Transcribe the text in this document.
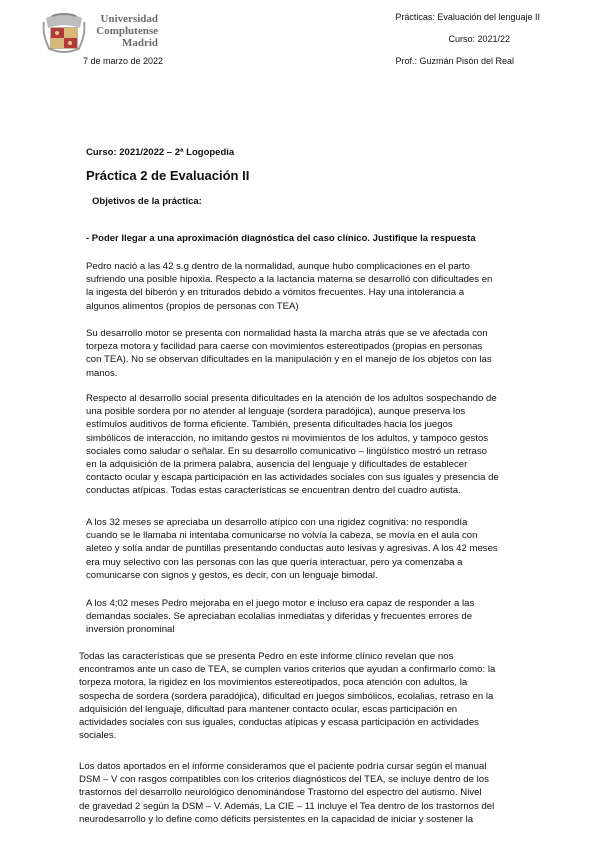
Universidad
Complutense
Madrid
7 de marzo de 2022
Prácticas: Evaluación del lenguaje II
Curso: 2021/22
Prof.: Guzmán Pisón del Real
Curso: 2021/2022 – 2ª Logopedia
Práctica 2 de Evaluación II
Objetivos de la práctica:
- Poder llegar a una aproximación diagnóstica del caso clínico. Justifique la respuesta

Pedro nació a las 42 s.g dentro de la normalidad, aunque hubo complicaciones en el parto
sufriendo una posible hipoxia. Respecto a la lactancia materna se desarrolló con dificultades en
la ingesta del biberón y en triturados debido a vómitos frecuentes. Hay una intolerancia a
algunos alimentos (propios de personas con TEA)

Su desarrollo motor se presenta con normalidad hasta la marcha atrás que se ve afectada con
torpeza motora y facilidad para caerse con movimientos estereotipados (propias en personas
con TEA). No se observan dificultades en la manipulación y en el manejo de los objetos con las
manos.

Respecto al desarrollo social presenta dificultades en la atención de los adultos sospechando de
una posible sordera por no atender al lenguaje (sordera paradójica), aunque preserva los
estímulos auditivos de forma eficiente. También, presenta dificultades hacia los juegos
simbólicos de interacción, no imitando gestos ni movimientos de los adultos, y tampoco gestos
sociales como saludar o señalar. En su desarrollo comunicativo – lingüístico mostró un retraso
en la adquisición de la primera palabra, ausencia del lenguaje y dificultades de establecer
contacto ocular y escapa participación en las actividades sociales con sus iguales y presencia de
conductas atípicas. Todas estas características se encuentran dentro del cuadro autista.

A los 32 meses se apreciaba un desarrollo atípico con una rigidez cognitiva: no respondía
cuando se le llamaba ni intentaba comunicarse no volvía la cabeza, se movía en el aula con
aleteo y solía andar de puntillas presentando conductas auto lesivas y agresivas. A los 42 meses
era muy selectivo con las personas con las que quería interactuar, pero ya comenzaba a
comunicarse con signos y gestos, es decir, con un lenguaje bimodal.

A los 4;02 meses Pedro mejoraba en el juego motor e incluso era capaz de responder a las
demandas sociales. Se apreciaban ecolalias inmediatas y diferidas y frecuentes errores de
inversión pronominal

Todas las características que se presenta Pedro en este informe clínico revelan que nos
encontramos ante un caso de TEA, se cumplen varios criterios que ayudan a confirmarlo como: la
torpeza motora, la rigidez en los movimientos estereotipados, poca atención con adultos, la
sospecha de sordera (sordera paradójica), dificultad en juegos simbólicos, ecolalias, retraso en la
adquisición del lenguaje, dificultad para mantener contacto ocular, escas participación en
actividades sociales con sus iguales, conductas atípicas y escasa participación en actividades
sociales.

Los datos aportados en el informe consideramos que el paciente podría cursar según el manual
DSM – V con rasgos compatibles con los criterios diagnósticos del TEA, se incluye dentro de los
trastornos del desarrollo neurológico denominándose Trastorno del espectro del autismo. Nivel
de gravedad 2 según la DSM – V. Además, La CIE – 11 incluye el Tea dentro de los trastornos del
neurodesarrollo y lo define como déficits persistentes en la capacidad de iniciar y sostener la
